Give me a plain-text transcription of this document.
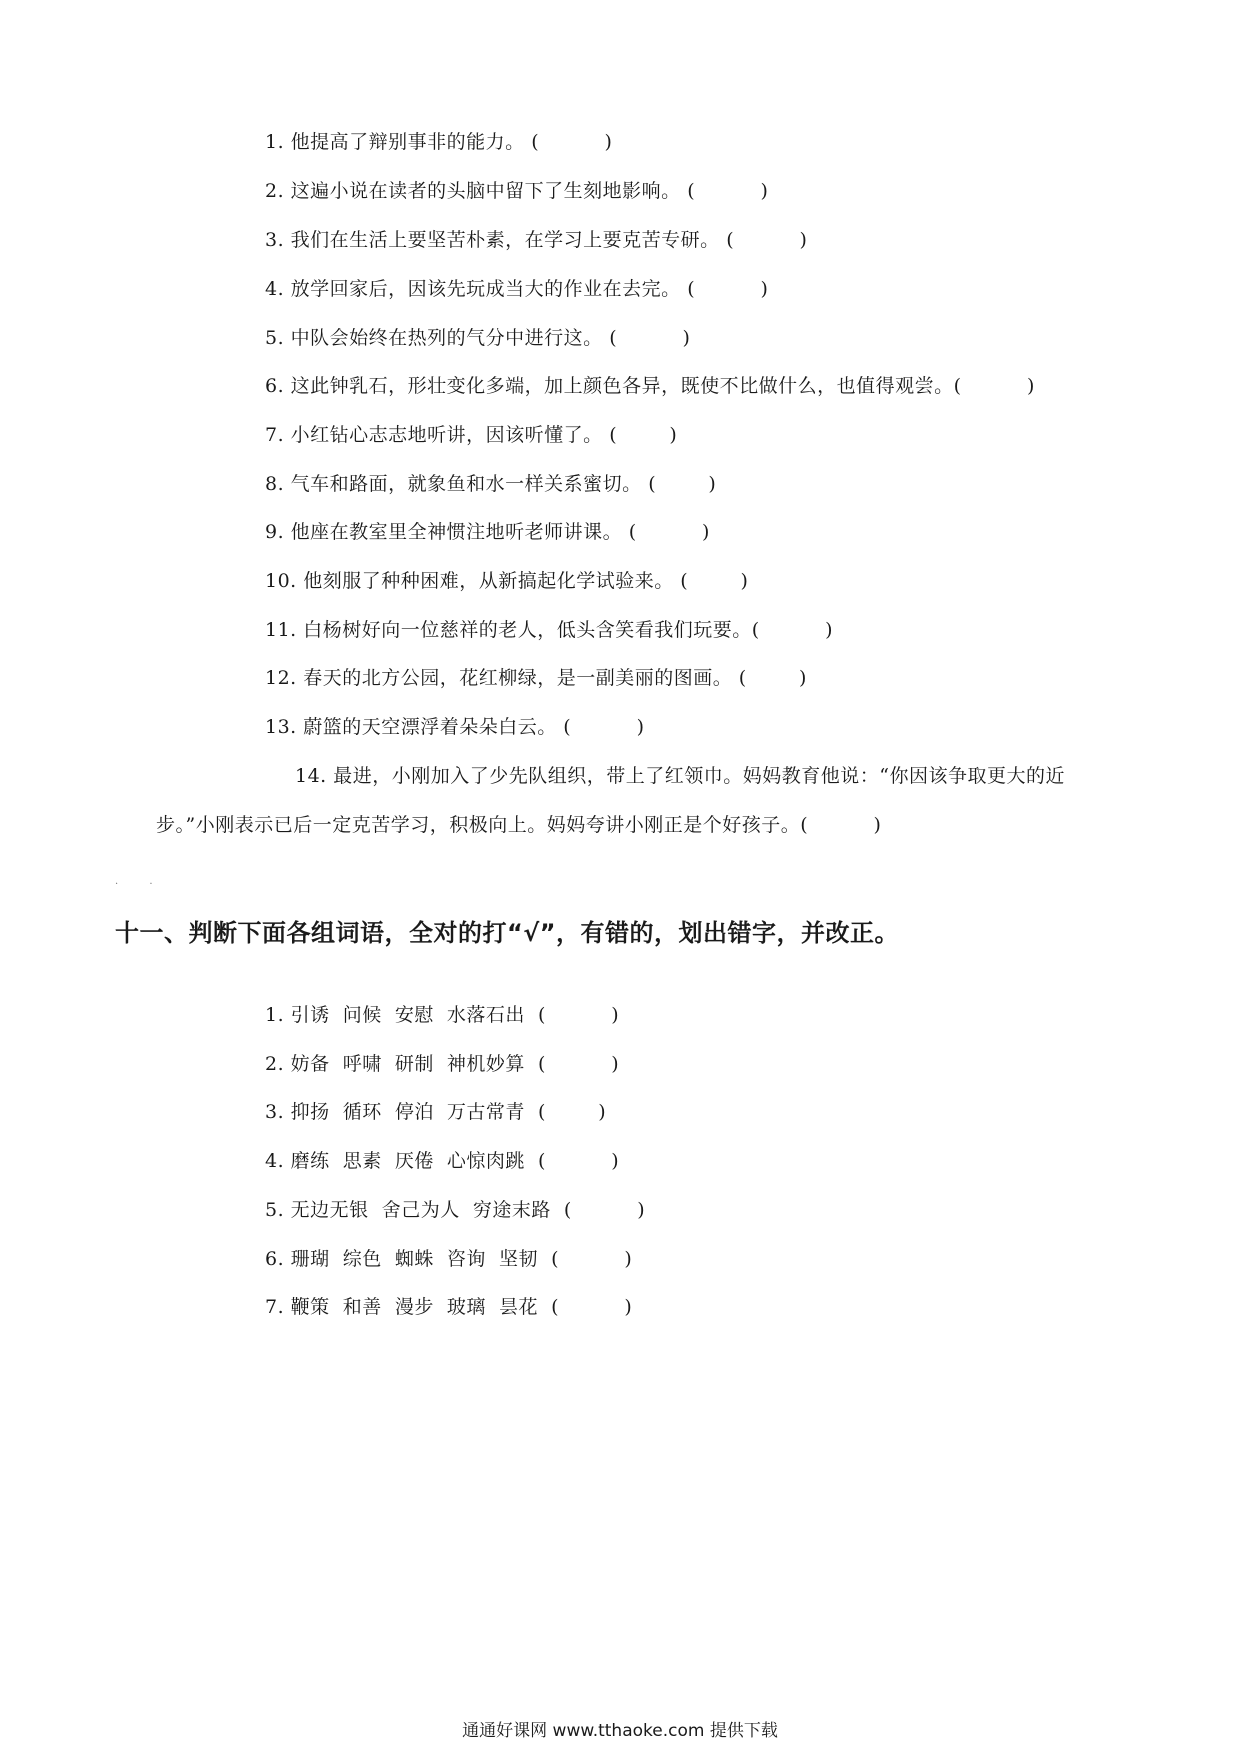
1. 他提高了辩别事非的能力。 (          )
2. 这遍小说在读者的头脑中留下了生刻地影响。 (          )
3. 我们在生活上要坚苦朴素，在学习上要克苦专研。 (          )
4. 放学回家后，因该先玩成当大的作业在去完。 (          )
5. 中队会始终在热列的气分中进行这。 (          )
6. 这此钟乳石，形壮变化多端，加上颜色各异，既使不比做什么，也值得观尝。(          )
7. 小红钻心志志地听讲，因该听懂了。 (        )
8. 气车和路面，就象鱼和水一样关系蜜切。 (        )
9. 他座在教室里全神惯注地听老师讲课。 (          )
10. 他刻服了种种困难，从新搞起化学试验来。 (        )
11. 白杨树好向一位慈祥的老人，低头含笑看我们玩要。(          )
12. 春天的北方公园，花红柳绿，是一副美丽的图画。 (        )
13. 蔚篮的天空漂浮着朵朵白云。 (          )
14. 最进，小刚加入了少先队组织，带上了红领巾。妈妈教育他说：“你因该争取更大的近
步。”小刚表示已后一定克苦学习，积极向上。妈妈夸讲小刚正是个好孩子。(          )
. .
十一、判断下面各组词语，全对的打“√”，有错的，划出错字，并改正。
1. 引诱  问候  安慰  水落石出  (          )
2. 妨备  呼啸  研制  神机妙算  (          )
3. 抑扬  循环  停泊  万古常青  (        )
4. 磨练  思素  厌倦  心惊肉跳  (          )
5. 无边无银  舍己为人  穷途末路  (          )
6. 珊瑚  综色  蜘蛛  咨询  坚韧  (          )
7. 鞭策  和善  漫步  玻璃  昙花  (          )
通通好课网 www.tthaoke.com 提供下载
